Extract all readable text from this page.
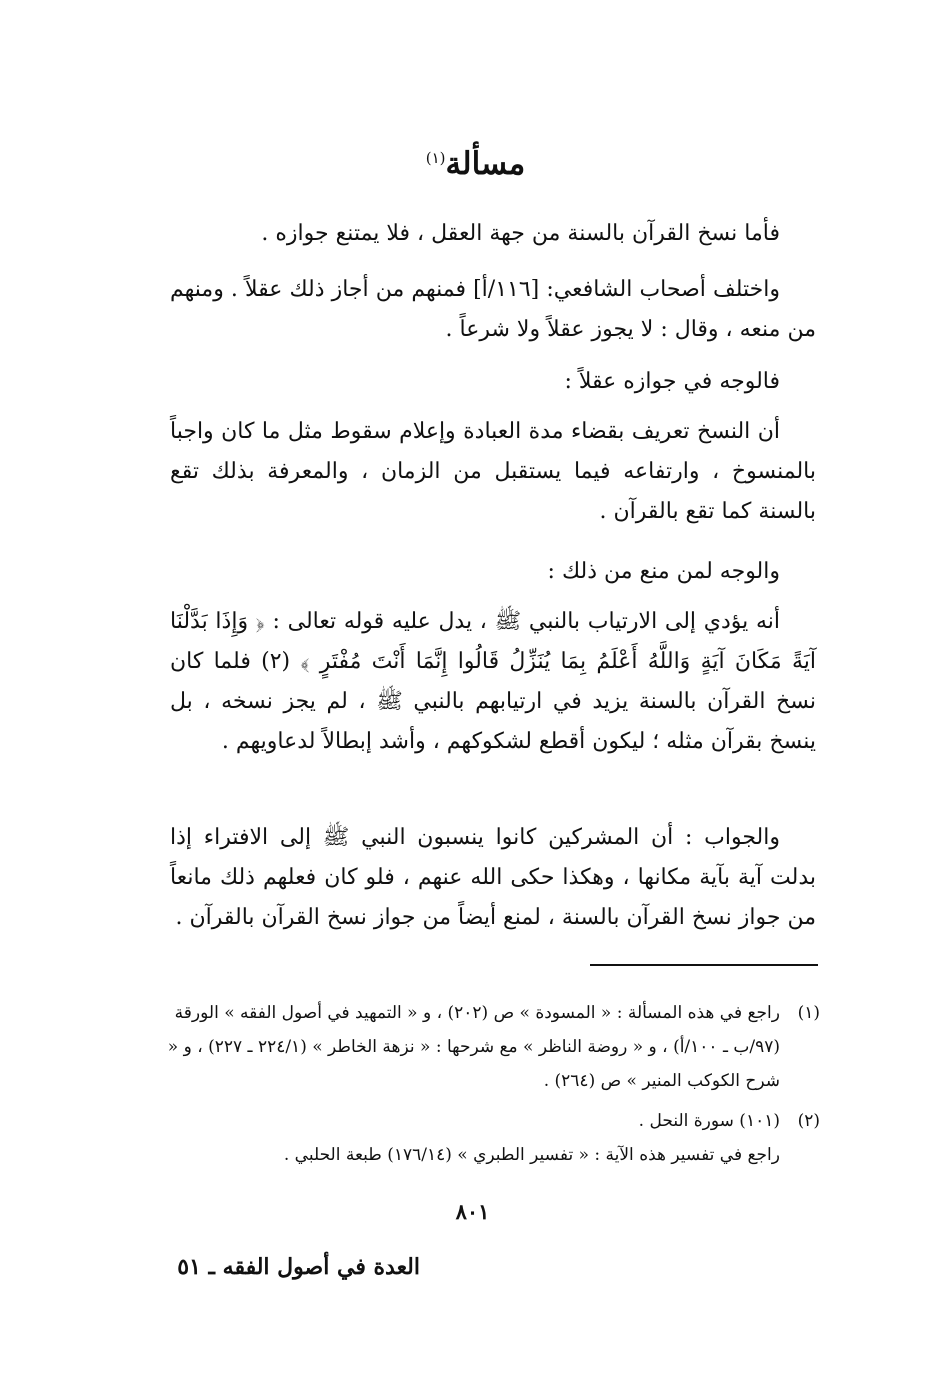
مسألة$^{(١)}$

فأما نسخ القرآن بالسنة من جهة العقل ، فلا يمتنع جوازه .

واختلف أصحاب الشافعي: [١١٦/أ] فمنهم من أجاز ذلك عقلاً . ومنهم من منعه ، وقال : لا يجوز عقلاً ولا شرعاً .

فالوجه في جوازه عقلاً :

أن النسخ تعريف بقضاء مدة العبادة وإعلام سقوط مثل ما كان واجباً بالمنسوخ ، وارتفاعه فيما يستقبل من الزمان ، والمعرفة بذلك تقع بالسنة كما تقع بالقرآن .

والوجه لمن منع من ذلك :

أنه يؤدي إلى الارتياب بالنبي ﷺ ، يدل عليه قوله تعالى : ﴿ وَإِذَا بَدَّلْنَا آيَةً مَكَانَ آيَةٍ وَاللَّهُ أَعْلَمُ بِمَا يُنَزِّلُ قَالُوا إِنَّمَا أَنْتَ مُفْتَرٍ ﴾ (٢) فلما كان نسخ القرآن بالسنة يزيد في ارتيابهم بالنبي ﷺ ، لم يجز نسخه ، بل ينسخ بقرآن مثله ؛ ليكون أقطع لشكوكهم ، وأشد إبطالاً لدعاويهم .

والجواب : أن المشركين كانوا ينسبون النبي ﷺ إلى الافتراء إذا بدلت آية بآية مكانها ، وهكذا حكى الله عنهم ، فلو كان فعلهم ذلك مانعاً من جواز نسخ القرآن بالسنة ، لمنع أيضاً من جواز نسخ القرآن بالقرآن .

(١)
راجع في هذه المسألة : « المسودة » ص (٢٠٢) ، و « التمهيد في أصول الفقه » الورقة (٩٧/ب ـ ١٠٠/أ) ، و « روضة الناظر » مع شرحها : « نزهة الخاطر » (٢٢٤/١ ـ ٢٢٧) ، و « شرح الكوكب المنير » ص (٢٦٤) .

(٢)
(١٠١) سورة النحل .

راجع في تفسير هذه الآية : « تفسير الطبري » (١٧٦/١٤) طبعة الحلبي .

٨٠١
العدة في أصول الفقه ـ ٥١
